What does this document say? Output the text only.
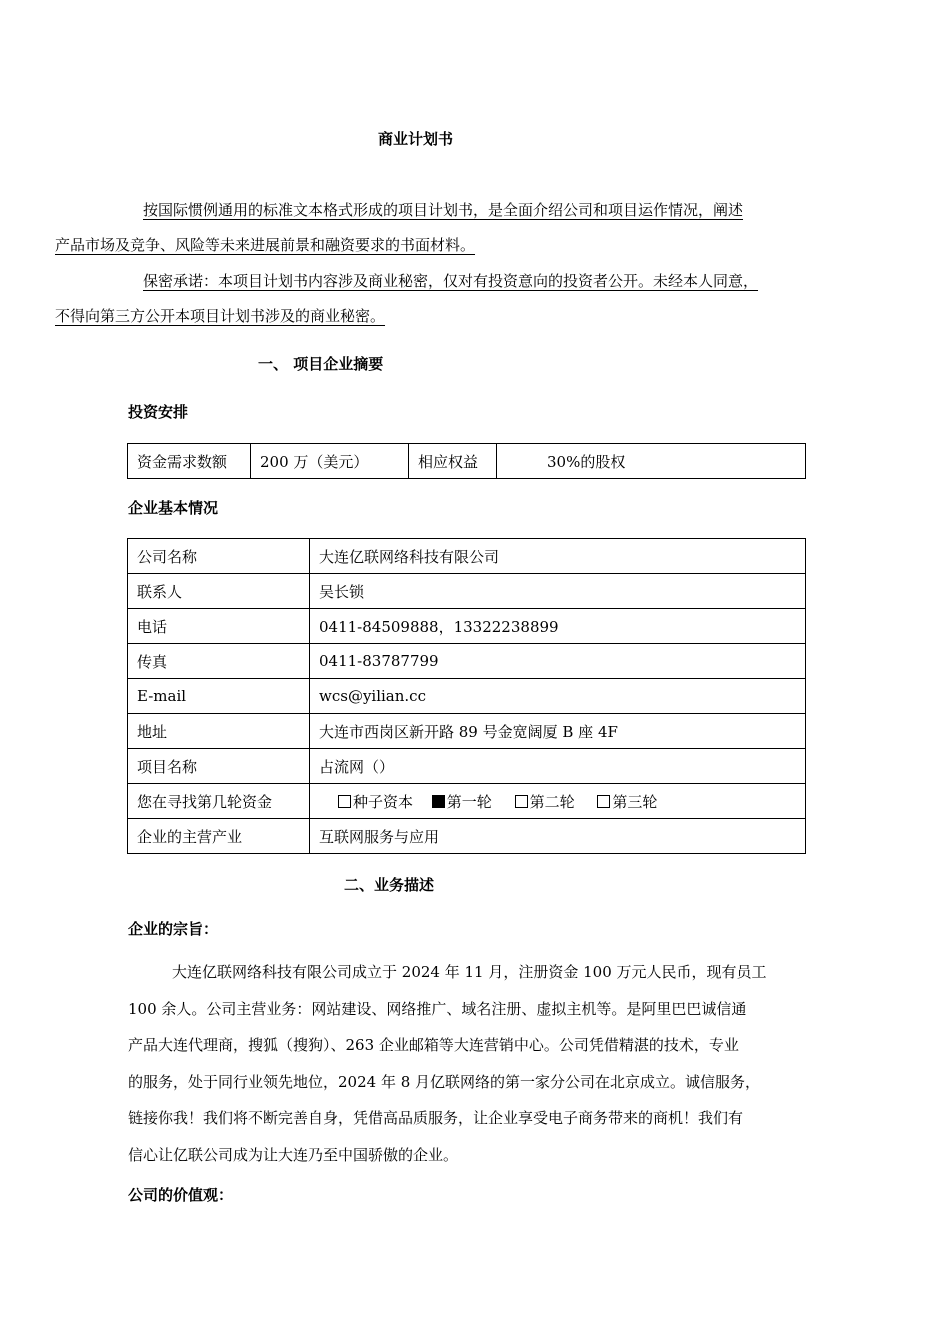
商业计划书
按国际惯例通用的标准文本格式形成的项目计划书，是全面介绍公司和项目运作情况，阐述
产品市场及竞争、风险等未来进展前景和融资要求的书面材料。
保密承诺：本项目计划书内容涉及商业秘密，仅对有投资意向的投资者公开。未经本人同意，
不得向第三方公开本项目计划书涉及的商业秘密。
一、 项目企业摘要
投资安排
资金需求数额	200 万（美元）	相应权益	30%的股权
企业基本情况
公司名称	大连亿联网络科技有限公司
联系人	吴长锁
电话	0411-84509888，13322238899
传真	0411-83787799
E-mail	wcs@yilian.cc
地址	大连市西岗区新开路 89 号金宽阔厦 B 座 4F
项目名称	占流网（）
您在寻找第几轮资金	种子资本 第一轮 第二轮 第三轮
企业的主营产业	互联网服务与应用
二、业务描述
企业的宗旨：
大连亿联网络科技有限公司成立于 2024 年 11 月，注册资金 100 万元人民币，现有员工
100 余人。公司主营业务：网站建设、网络推广、域名注册、虚拟主机等。是阿里巴巴诚信通
产品大连代理商，搜狐（搜狗）、263 企业邮箱等大连营销中心。公司凭借精湛的技术，专业
的服务，处于同行业领先地位，2024 年 8 月亿联网络的第一家分公司在北京成立。诚信服务，
链接你我！我们将不断完善自身，凭借高品质服务，让企业享受电子商务带来的商机！我们有
信心让亿联公司成为让大连乃至中国骄傲的企业。
公司的价值观：
